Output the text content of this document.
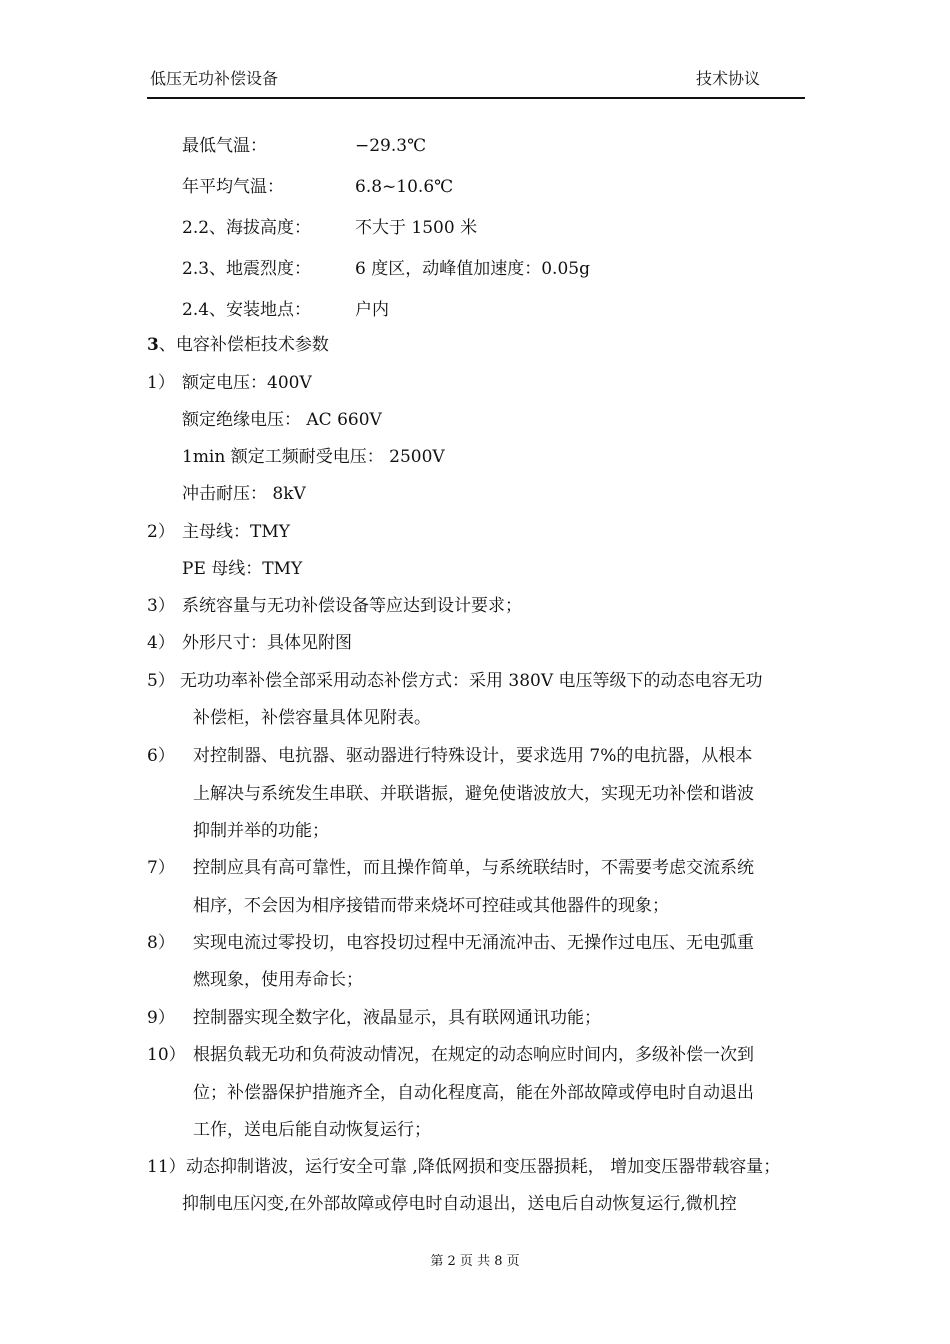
低压无功补偿设备	技术协议
最低气温：	−29.3℃
年平均气温：	6.8~10.6℃
2.2、海拔高度：	不大于 1500 米
2.3、地震烈度：	6 度区，动峰值加速度：0.05g
2.4、安装地点：	户内
3、电容补偿柜技术参数
1） 额定电压：400V
额定绝缘电压： AC 660V
1min 额定工频耐受电压： 2500V
冲击耐压： 8kV
2） 主母线：TMY
PE 母线：TMY
3） 系统容量与无功补偿设备等应达到设计要求；
4） 外形尺寸：具体见附图
5） 无功功率补偿全部采用动态补偿方式：采用 380V 电压等级下的动态电容无功
补偿柜，补偿容量具体见附表。
6） 对控制器、电抗器、驱动器进行特殊设计，要求选用 7%的电抗器，从根本
上解决与系统发生串联、并联谐振，避免使谐波放大，实现无功补偿和谐波
抑制并举的功能；
7） 控制应具有高可靠性，而且操作简单，与系统联结时，不需要考虑交流系统
相序，不会因为相序接错而带来烧坏可控硅或其他器件的现象；
8） 实现电流过零投切，电容投切过程中无涌流冲击、无操作过电压、无电弧重
燃现象，使用寿命长；
9） 控制器实现全数字化，液晶显示，具有联网通讯功能；
10） 根据负载无功和负荷波动情况，在规定的动态响应时间内，多级补偿一次到
位；补偿器保护措施齐全，自动化程度高，能在外部故障或停电时自动退出
工作，送电后能自动恢复运行；
11） 动态抑制谐波，运行安全可靠 ,降低网损和变压器损耗， 增加变压器带载容量；
抑制电压闪变,在外部故障或停电时自动退出，送电后自动恢复运行,微机控
第 2 页 共 8 页
